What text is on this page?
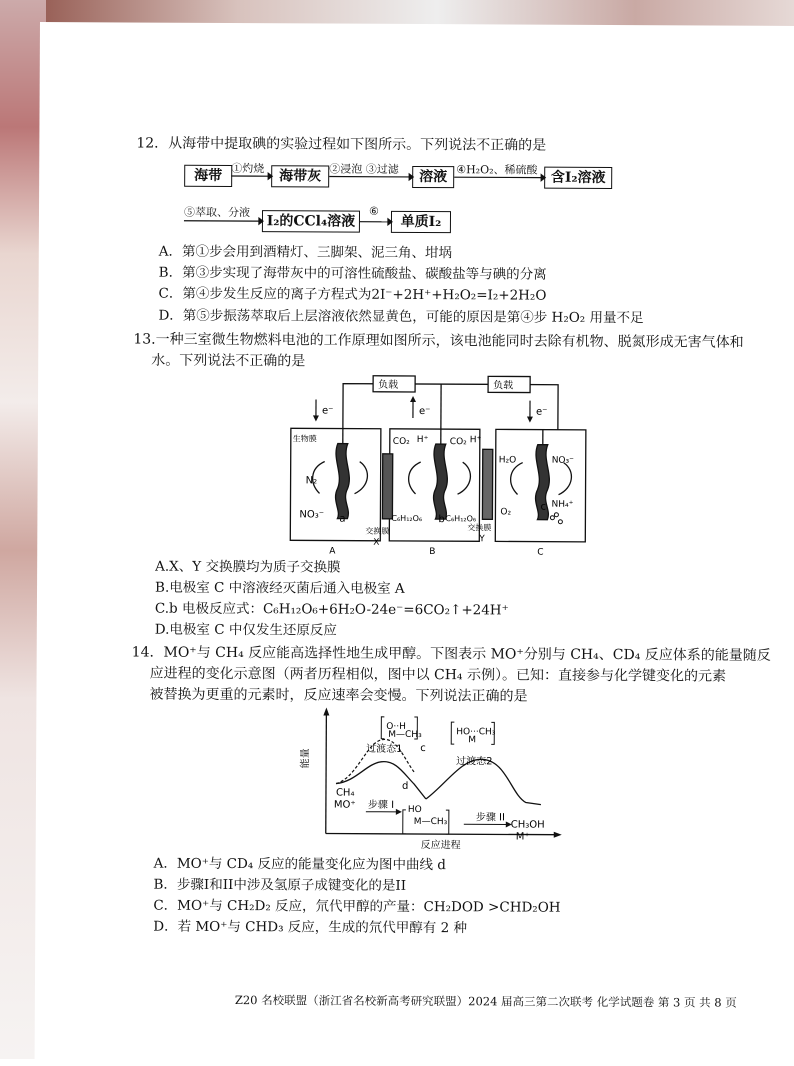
12．从海带中提取碘的实验过程如下图所示。下列说法不正确的是
海带 ①灼烧	海带灰 ②浸泡 ③过滤	溶液 ④H₂O₂、稀硫酸 含I₂溶液
⑤萃取、分液
I₂的CCl₄溶液
⑥
单质I₂
A．第①步会用到酒精灯、三脚架、泥三角、坩埚
B．第③步实现了海带灰中的可溶性硫酸盐、碳酸盐等与碘的分离
C．第④步发生反应的离子方程式为2I⁻+2H⁺+H₂O₂=I₂+2H₂O
D．第⑤步振荡萃取后上层溶液依然显黄色，可能的原因是第④步 H₂O₂ 用量不足
13.一种三室微生物燃料电池的工作原理如图所示，该电池能同时去除有机物、脱氮形成无害气体和
水。下列说法不正确的是
负载	负载
e⁻	e⁻	e⁻
生物膜
N₂
NO₃⁻ a
CO₂ H⁺ CO₂ H⁺
C₆H₁₂O₆ b C₆H₁₂O₆
H₂O	NO₃⁻
O₂	c NH₄⁺
交换膜
X
交换膜
Y
A	B	C
A.X、Y 交换膜均为质子交换膜
B.电极室 C 中溶液经灭菌后通入电极室 A
C.b 电极反应式：C₆H₁₂O₆+6H₂O-24e⁻=6CO₂↑+24H⁺
D.电极室 C 中仅发生还原反应
14．MO⁺与 CH₄ 反应能高选择性地生成甲醇。下图表示 MO⁺分别与 CH₄、CD₄ 反应体系的能量随反
应进程的变化示意图（两者历程相似，图中以 CH₄ 示例）。已知：直接参与化学键变化的元素
被替换为更重的元素时，反应速率会变慢。下列说法正确的是
O··H
M—CH₃	HO···CH₃
M
HO
M—CH₃
能量
反应进程
过渡态1
过渡态2
c
d
CH₄
MO⁺ 步骤 I
步骤 II
CH₃OH
M⁺
A．MO⁺与 CD₄ 反应的能量变化应为图中曲线 d
B．步骤I和II中涉及氢原子成键变化的是II
C．MO⁺与 CH₂D₂ 反应，氘代甲醇的产量：CH₂DOD >CHD₂OH
D．若 MO⁺与 CHD₃ 反应，生成的氘代甲醇有 2 种
Z20 名校联盟（浙江省名校新高考研究联盟）2024 届高三第二次联考 化学试题卷 第 3 页 共 8 页
